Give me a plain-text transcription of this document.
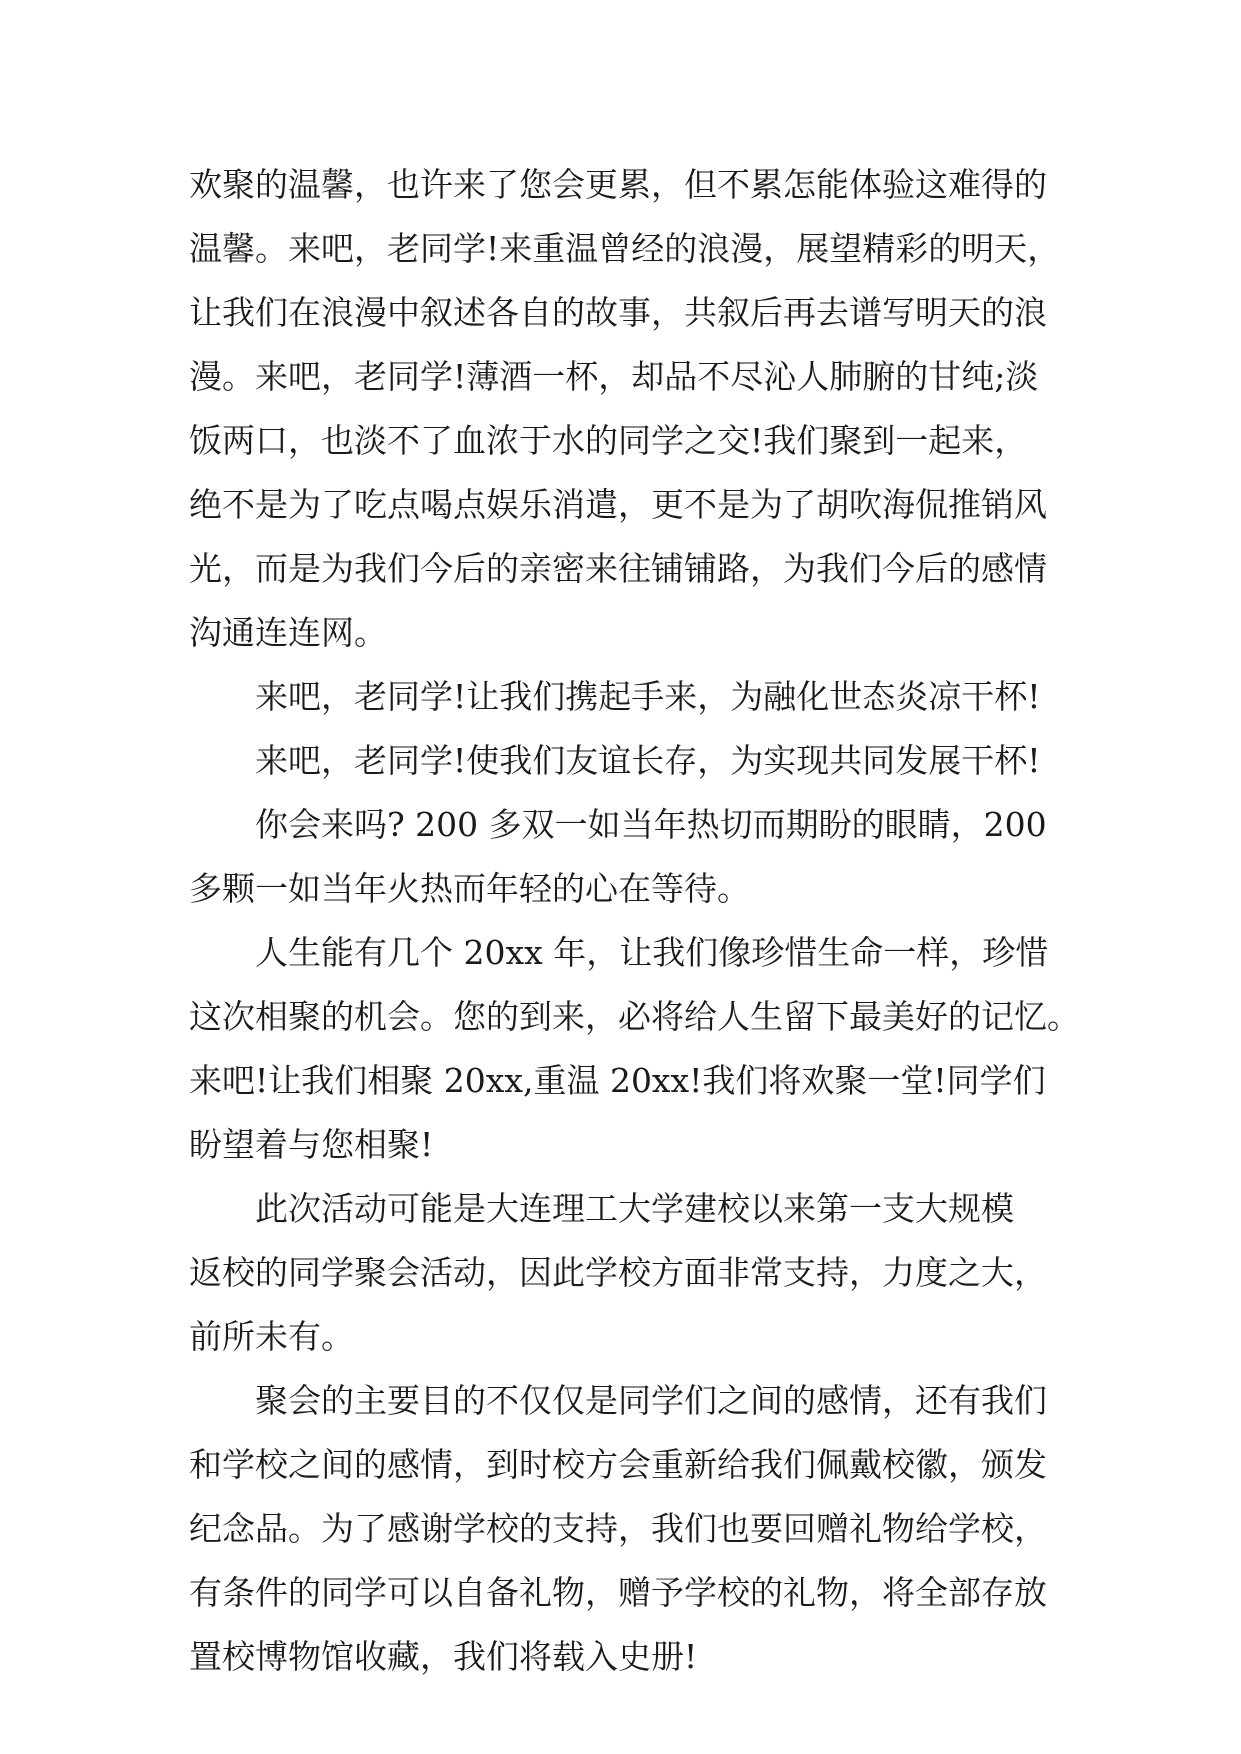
欢聚的温馨，也许来了您会更累，但不累怎能体验这难得的
温馨。来吧，老同学!来重温曾经的浪漫，展望精彩的明天，
让我们在浪漫中叙述各自的故事，共叙后再去谱写明天的浪
漫。来吧，老同学!薄酒一杯，却品不尽沁人肺腑的甘纯;淡
饭两口，也淡不了血浓于水的同学之交!我们聚到一起来，
绝不是为了吃点喝点娱乐消遣，更不是为了胡吹海侃推销风
光，而是为我们今后的亲密来往铺铺路，为我们今后的感情
沟通连连网。
来吧，老同学!让我们携起手来，为融化世态炎凉干杯!
来吧，老同学!使我们友谊长存，为实现共同发展干杯!
你会来吗? 200 多双一如当年热切而期盼的眼睛，200
多颗一如当年火热而年轻的心在等待。
人生能有几个 20xx 年，让我们像珍惜生命一样，珍惜
这次相聚的机会。您的到来，必将给人生留下最美好的记忆。
来吧!让我们相聚 20xx,重温 20xx!我们将欢聚一堂!同学们
盼望着与您相聚!
此次活动可能是大连理工大学建校以来第一支大规模
返校的同学聚会活动，因此学校方面非常支持，力度之大，
前所未有。
聚会的主要目的不仅仅是同学们之间的感情，还有我们
和学校之间的感情，到时校方会重新给我们佩戴校徽，颁发
纪念品。为了感谢学校的支持，我们也要回赠礼物给学校，
有条件的同学可以自备礼物，赠予学校的礼物，将全部存放
置校博物馆收藏，我们将载入史册!
